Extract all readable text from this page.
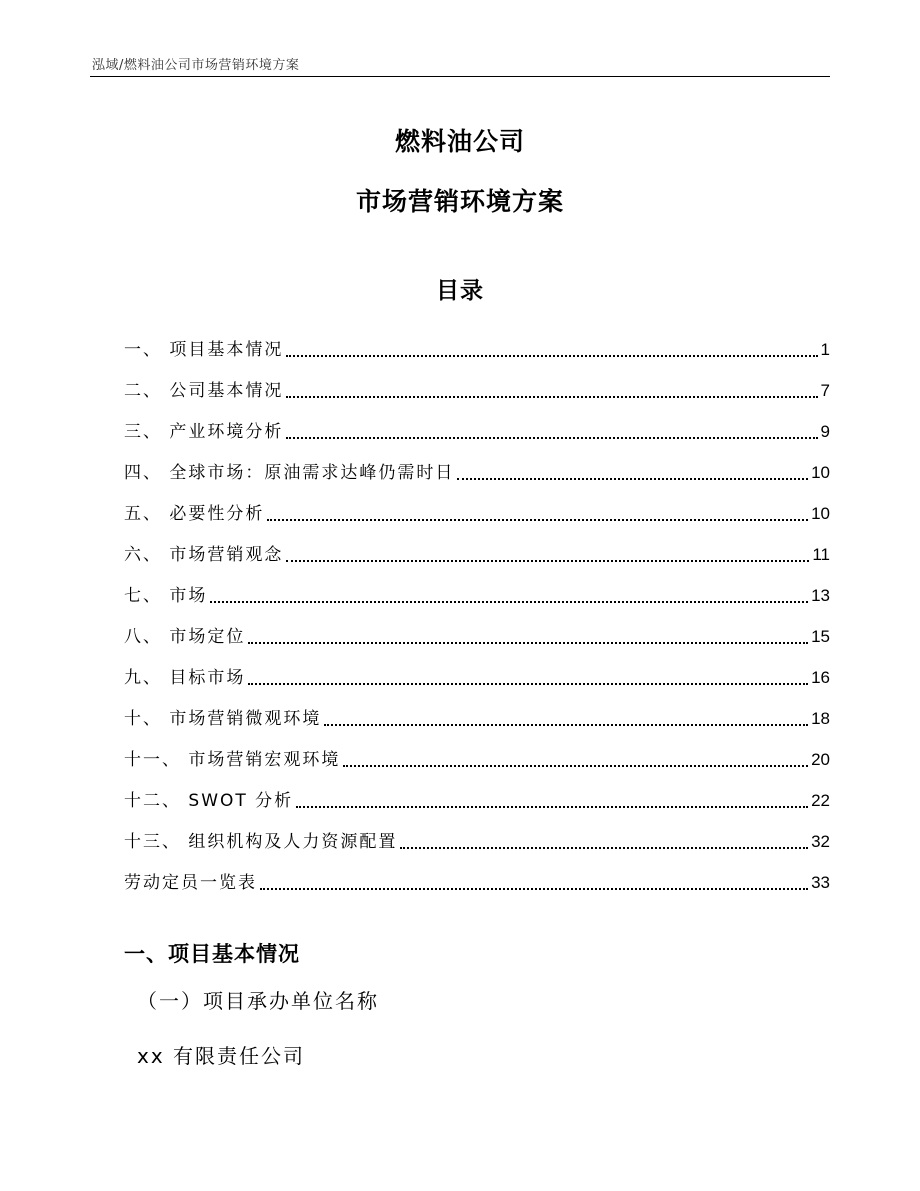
泓域/燃料油公司市场营销环境方案
燃料油公司
市场营销环境方案
目录
一、 项目基本情况	1
二、 公司基本情况	7
三、 产业环境分析	9
四、 全球市场：原油需求达峰仍需时日	10
五、 必要性分析	10
六、 市场营销观念	11
七、 市场	13
八、 市场定位	15
九、 目标市场	16
十、 市场营销微观环境	18
十一、 市场营销宏观环境	20
十二、 SWOT 分析	22
十三、 组织机构及人力资源配置	32
劳动定员一览表	33
一、项目基本情况
（一）项目承办单位名称
xx 有限责任公司
